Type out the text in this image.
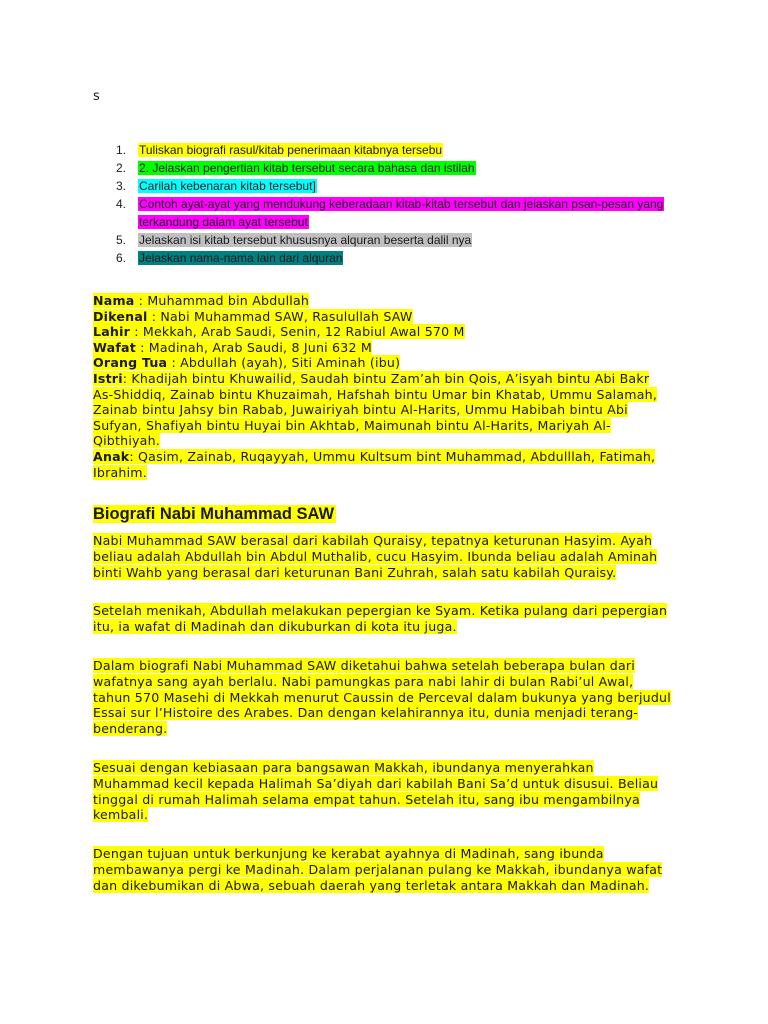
s
1.	Tuliskan biografi rasul/kitab penerimaan kitabnya tersebu
2.	2. Jelaskan pengertian kitab tersebut secara bahasa dan istilah
3.	Carilah kebenaran kitab tersebut]
4.	Contoh ayat-ayat yang mendukung keberadaan kitab-kitab tersebut dan jelaskan psan-pesan yang terkandung dalam ayat tersebut
5.	Jelaskan isi kitab tersebut khususnya alquran beserta dalil nya
6.	Jelaskan nama-nama lain dari alquran

Nama : Muhammad bin Abdullah

Dikenal : Nabi Muhammad SAW, Rasulullah SAW

Lahir : Mekkah, Arab Saudi, Senin, 12 Rabiul Awal 570 M

Wafat : Madinah, Arab Saudi, 8 Juni 632 M

Orang Tua : Abdullah (ayah), Siti Aminah (ibu)

Istri: Khadijah bintu Khuwailid, Saudah bintu Zam’ah bin Qois, A’isyah bintu Abi Bakr As-Shiddiq, Zainab bintu Khuzaimah, Hafshah bintu Umar bin Khatab, Ummu Salamah, Zainab bintu Jahsy bin Rabab, Juwairiyah bintu Al-Harits, Ummu Habibah bintu Abi Sufyan, Shafiyah bintu Huyai bin Akhtab, Maimunah bintu Al-Harits, Mariyah Al-Qibthiyah.

Anak: Qasim, Zainab, Ruqayyah, Ummu Kultsum bint Muhammad, Abdulllah, Fatimah, Ibrahim.

Biografi Nabi Muhammad SAW

Nabi Muhammad SAW berasal dari kabilah Quraisy, tepatnya keturunan Hasyim. Ayah beliau adalah Abdullah bin Abdul Muthalib, cucu Hasyim. Ibunda beliau adalah Aminah binti Wahb yang berasal dari keturunan Bani Zuhrah, salah satu kabilah Quraisy.

Setelah menikah, Abdullah melakukan pepergian ke Syam. Ketika pulang dari pepergian itu, ia wafat di Madinah dan dikuburkan di kota itu juga.

Dalam biografi Nabi Muhammad SAW diketahui bahwa setelah beberapa bulan dari wafatnya sang ayah berlalu. Nabi pamungkas para nabi lahir di bulan Rabi’ul Awal, tahun 570 Masehi di Mekkah menurut Caussin de Perceval dalam bukunya yang berjudul Essai sur l’Histoire des Arabes. Dan dengan kelahirannya itu, dunia menjadi terang-benderang.

Sesuai dengan kebiasaan para bangsawan Makkah, ibundanya menyerahkan Muhammad kecil kepada Halimah Sa’diyah dari kabilah Bani Sa’d untuk disusui. Beliau tinggal di rumah Halimah selama empat tahun. Setelah itu, sang ibu mengambilnya kembali.

Dengan tujuan untuk berkunjung ke kerabat ayahnya di Madinah, sang ibunda membawanya pergi ke Madinah. Dalam perjalanan pulang ke Makkah, ibundanya wafat dan dikebumikan di Abwa, sebuah daerah yang terletak antara Makkah dan Madinah.
